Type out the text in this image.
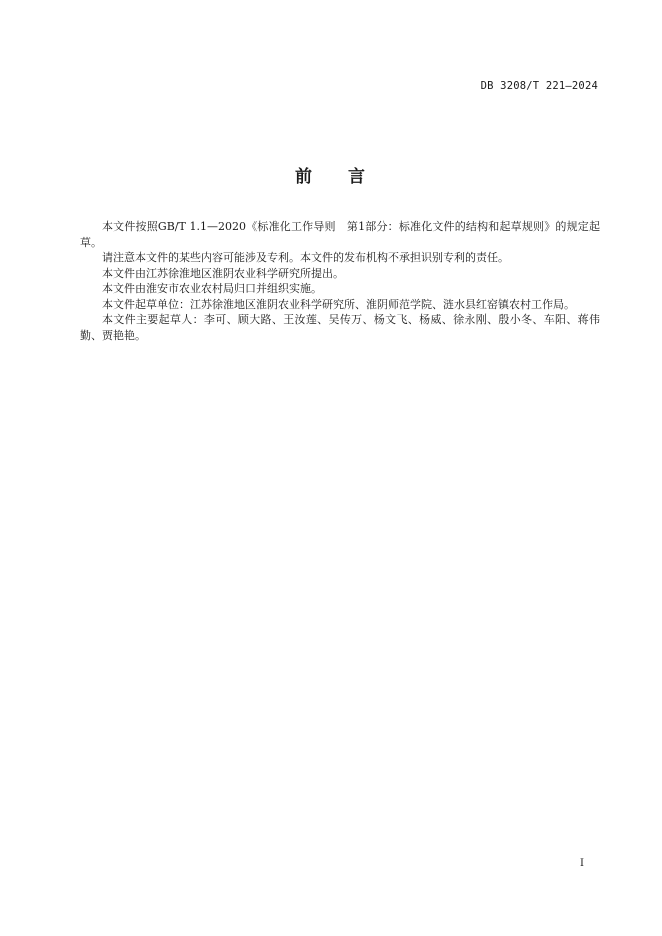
DB 3208/T 221—2024
前 言

本文件按照GB/T 1.1—2020《标准化工作导则　第1部分：标准化文件的结构和起草规则》的规定起草。

请注意本文件的某些内容可能涉及专利。本文件的发布机构不承担识别专利的责任。

本文件由江苏徐淮地区淮阴农业科学研究所提出。

本文件由淮安市农业农村局归口并组织实施。

本文件起草单位：江苏徐淮地区淮阴农业科学研究所、淮阴师范学院、涟水县红窑镇农村工作局。

本文件主要起草人：李可、顾大路、王汝莲、吴传万、杨文飞、杨威、徐永刚、殷小冬、车阳、蒋伟勤、贾艳艳。

I
